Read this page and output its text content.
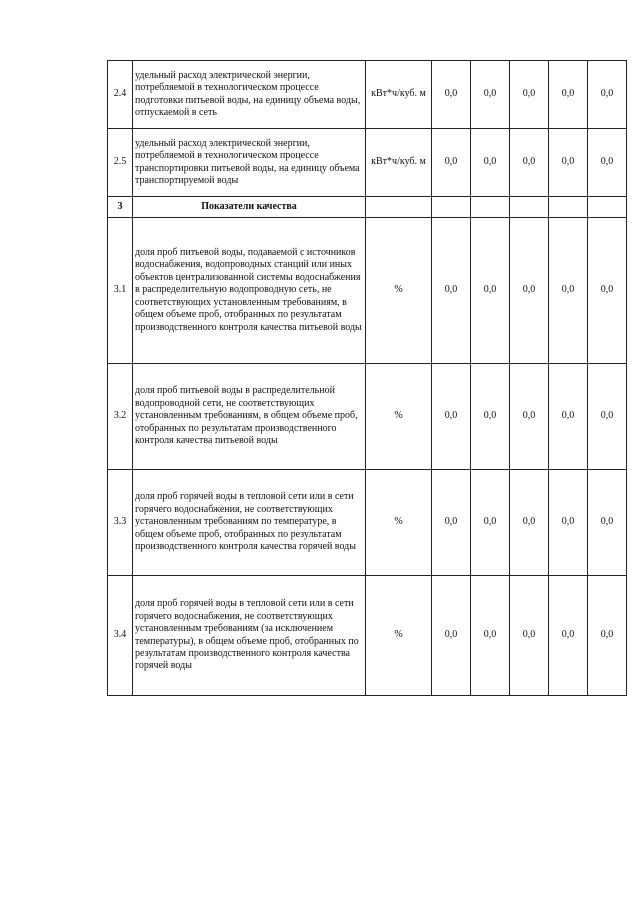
2.4	удельный расход электрической энергии, потребляемой в технологическом процессе подготовки питьевой воды, на единицу объема воды, отпускаемой в сеть	кВт*ч/куб. м	0,0	0,0	0,0	0,0	0,0
2.5	удельный расход электрической энергии, потребляемой в технологическом процессе транспортировки питьевой воды, на единицу объема транспортируемой воды	кВт*ч/куб. м	0,0	0,0	0,0	0,0	0,0
3	Показатели качества						
3.1	доля проб питьевой воды, подаваемой с источников водоснабжения, водопроводных станций или иных объектов централизованной системы водоснабжения в распределительную водопроводную сеть, не соответствующих установленным требованиям, в общем объеме проб, отобранных по результатам производственного контроля качества питьевой воды	%	0,0	0,0	0,0	0,0	0,0
3.2	доля проб питьевой воды в распределительной водопроводной сети, не соответствующих установленным требованиям, в общем объеме проб, отобранных по результатам производственного контроля качества питьевой воды	%	0,0	0,0	0,0	0,0	0,0
3.3	доля проб горячей воды в тепловой сети или в сети горячего водоснабжения, не соответствующих установленным требованиям по температуре, в общем объеме проб, отобранных по результатам производственного контроля качества горячей воды	%	0,0	0,0	0,0	0,0	0,0
3.4	доля проб горячей воды в тепловой сети или в сети горячего водоснабжения, не соответствующих установленным требованиям (за исключением температуры), в общем объеме проб, отобранных по результатам производственного контроля качества горячей воды	%	0,0	0,0	0,0	0,0	0,0
